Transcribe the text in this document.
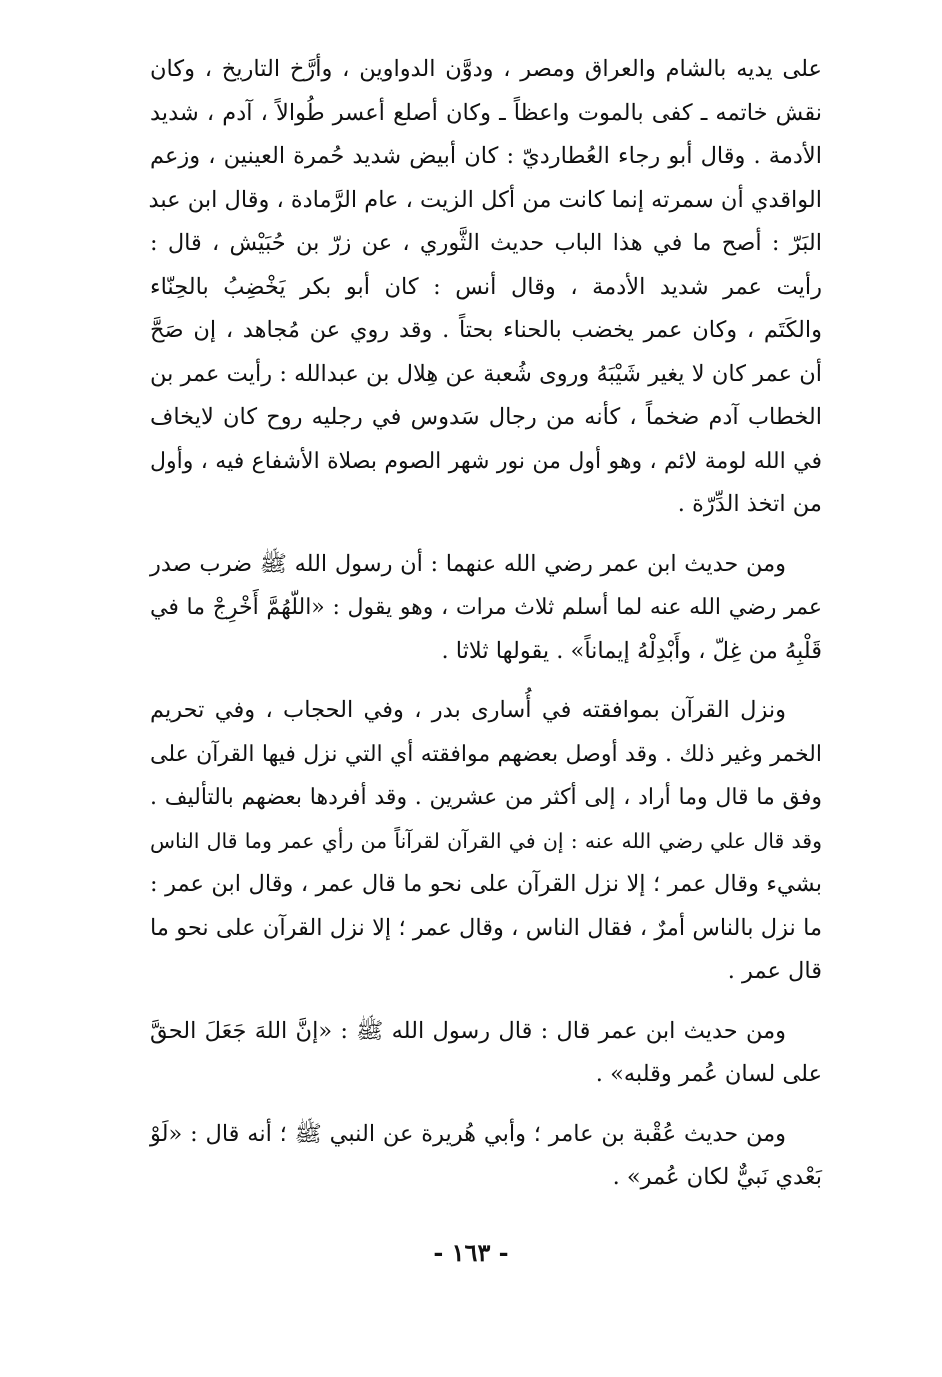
على يديه بالشام والعراق ومصر ، ودوَّن الدواوين ، وأرَّخ التاريخ ، وكان
نقش خاتمه ـ كفى بالموت واعظاً ـ وكان أصلع أعسر طُوالاً ، آدم ، شديد
الأدمة . وقال أبو رجاء العُطارديّ : كان أبيض شديد حُمرة العينين ، وزعم
الواقدي أن سمرته إنما كانت من أكل الزيت ، عام الرَّمادة ، وقال ابن عبد
البَرّ : أصح ما في هذا الباب حديث الثَّوري ، عن زرّ بن حُبَيْش ، قال :
رأيت عمر شديد الأدمة ، وقال أنس : كان أبو بكر يَخْضِبُ بالحِنّاء
والكَتَم ، وكان عمر يخضب بالحناء بحتاً . وقد روي عن مُجاهد ، إن صَحَّ
أن عمر كان لا يغير شَيْبَهُ وروى شُعبة عن هِلال بن عبدالله : رأيت عمر بن
الخطاب آدم ضخماً ، كأنه من رجال سَدوس في رجليه روح كان لايخاف
في الله لومة لائم ، وهو أول من نور شهر الصوم بصلاة الأشفاع فيه ، وأول
من اتخذ الدِّرّة .
ومن حديث ابن عمر رضي الله عنهما : أن رسول الله ﷺ ضرب صدر
عمر رضي الله عنه لما أسلم ثلاث مرات ، وهو يقول : «اللّهُمَّ أَخْرِجْ ما في
قَلْبِهُ من غِلّ ، وأَبْدِلْهُ إيماناً» . يقولها ثلاثا .
ونزل القرآن بموافقته في أُسارى بدر ، وفي الحجاب ، وفي تحريم
الخمر وغير ذلك . وقد أوصل بعضهم موافقته أي التي نزل فيها القرآن على
وفق ما قال وما أراد ، إلى أكثر من عشرين . وقد أفردها بعضهم بالتأليف .
وقد قال علي رضي الله عنه : إن في القرآن لقرآناً من رأي عمر وما قال الناس
بشيء وقال عمر ؛ إلا نزل القرآن على نحو ما قال عمر ، وقال ابن عمر :
ما نزل بالناس أمرٌ ، فقال الناس ، وقال عمر ؛ إلا نزل القرآن على نحو ما
قال عمر .
ومن حديث ابن عمر قال : قال رسول الله ﷺ : «إنَّ اللهَ جَعَلَ الحقَّ
على لسان عُمر وقلبه» .
ومن حديث عُقْبة بن عامر ؛ وأبي هُريرة عن النبي ﷺ ؛ أنه قال : «لَوْ
بَعْدي نَبيٌّ لكان عُمر» .
- ١٦٣ -
